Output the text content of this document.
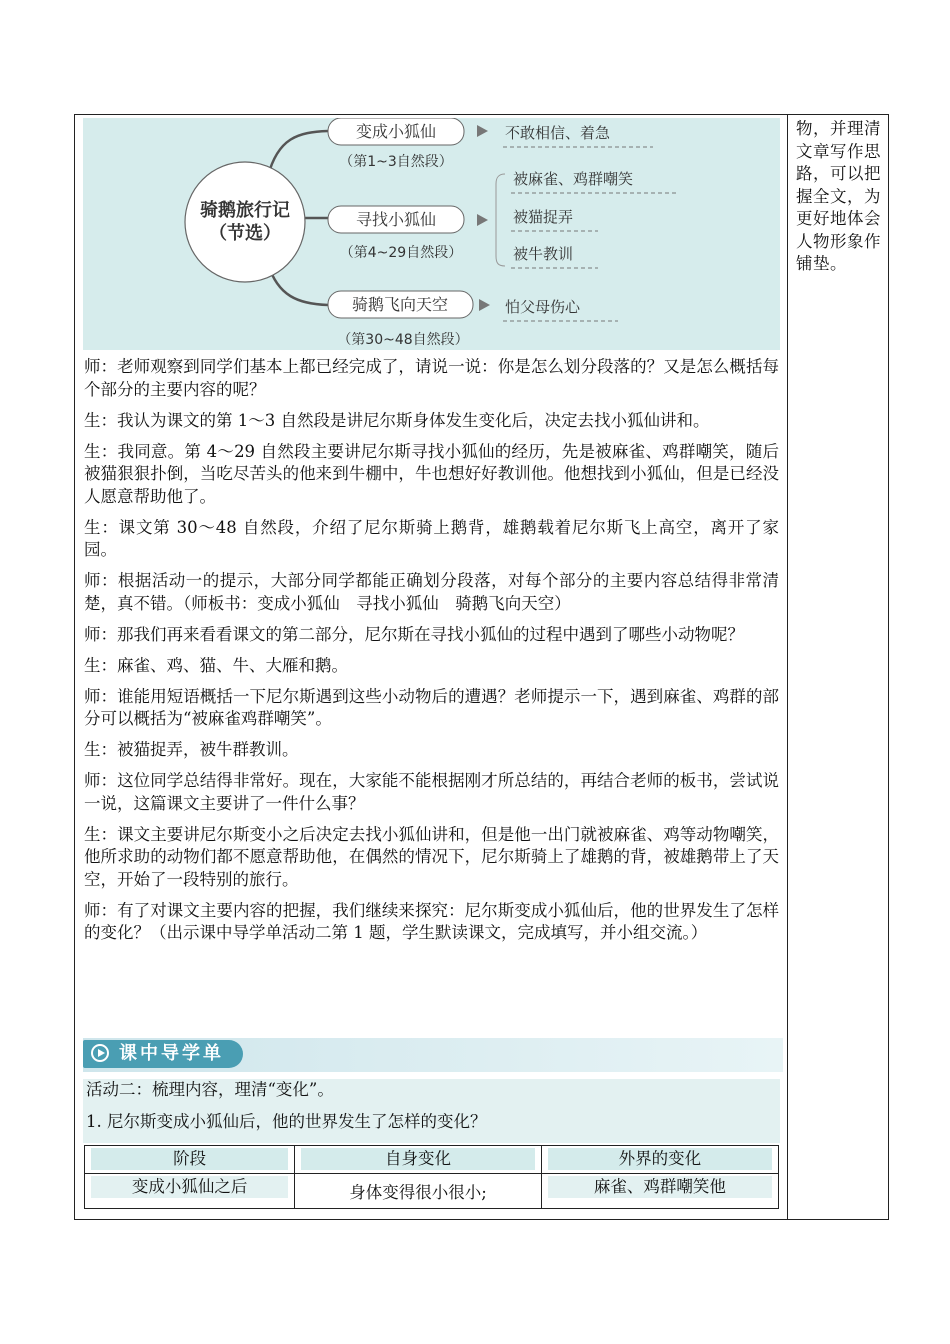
物，并理清文章写作思路，可以把握全文，为更好地体会人物形象作铺垫。
骑鹅旅行记
（节选）
变成小狐仙
（第1~3自然段）
不敢相信、着急
寻找小狐仙
（第4~29自然段）
被麻雀、鸡群嘲笑
被猫捉弄
被牛教训
骑鹅飞向天空
（第30~48自然段）
怕父母伤心

师：老师观察到同学们基本上都已经完成了，请说一说：你是怎么划分段落的？又是怎么概括每个部分的主要内容的呢？

生：我认为课文的第 1～3 自然段是讲尼尔斯身体发生变化后，决定去找小狐仙讲和。

生：我同意。第 4～29 自然段主要讲尼尔斯寻找小狐仙的经历，先是被麻雀、鸡群嘲笑，随后被猫狠狠扑倒，当吃尽苦头的他来到牛棚中，牛也想好好教训他。他想找到小狐仙，但是已经没人愿意帮助他了。

生：课文第 30～48 自然段，介绍了尼尔斯骑上鹅背，雄鹅载着尼尔斯飞上高空，离开了家园。

师：根据活动一的提示，大部分同学都能正确划分段落，对每个部分的主要内容总结得非常清楚，真不错。（师板书：变成小狐仙　寻找小狐仙　骑鹅飞向天空）

师：那我们再来看看课文的第二部分，尼尔斯在寻找小狐仙的过程中遇到了哪些小动物呢？

生：麻雀、鸡、猫、牛、大雁和鹅。

师：谁能用短语概括一下尼尔斯遇到这些小动物后的遭遇？老师提示一下，遇到麻雀、鸡群的部分可以概括为“被麻雀鸡群嘲笑”。

生：被猫捉弄，被牛群教训。

师：这位同学总结得非常好。现在，大家能不能根据刚才所总结的，再结合老师的板书，尝试说一说，这篇课文主要讲了一件什么事？

生：课文主要讲尼尔斯变小之后决定去找小狐仙讲和，但是他一出门就被麻雀、鸡等动物嘲笑，他所求助的动物们都不愿意帮助他，在偶然的情况下，尼尔斯骑上了雄鹅的背，被雄鹅带上了天空，开始了一段特别的旅行。

师：有了对课文主要内容的把握，我们继续来探究：尼尔斯变成小狐仙后，他的世界发生了怎样的变化？（出示课中导学单活动二第 1 题，学生默读课文，完成填写，并小组交流。）

课中导学单

活动二：梳理内容，理清“变化”。

1. 尼尔斯变成小狐仙后，他的世界发生了怎样的变化？

阶段	自身变化	外界的变化

变成小狐仙之后	身体变得很小很小;	麻雀、鸡群嘲笑他
